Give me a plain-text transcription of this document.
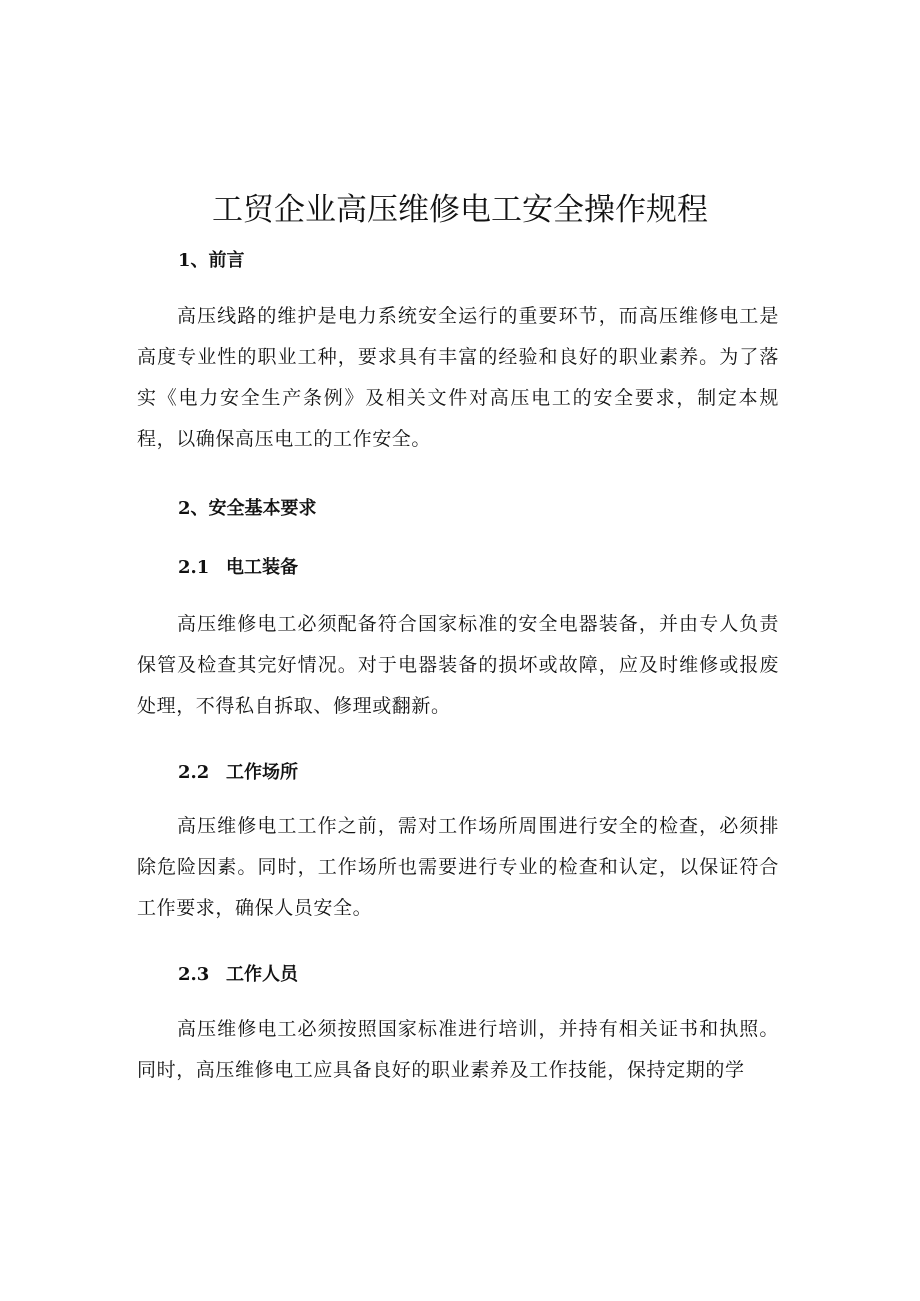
工贸企业高压维修电工安全操作规程
1、前言

高压线路的维护是电力系统安全运行的重要环节，而高压维修电工是高度专业性的职业工种，要求具有丰富的经验和良好的职业素养。为了落实《电力安全生产条例》及相关文件对高压电工的安全要求，制定本规程，以确保高压电工的工作安全。

2、安全基本要求
2.1 电工装备

高压维修电工必须配备符合国家标准的安全电器装备，并由专人负责保管及检查其完好情况。对于电器装备的损坏或故障，应及时维修或报废处理，不得私自拆取、修理或翻新。

2.2 工作场所

高压维修电工工作之前，需对工作场所周围进行安全的检查，必须排除危险因素。同时，工作场所也需要进行专业的检查和认定，以保证符合工作要求，确保人员安全。

2.3 工作人员

高压维修电工必须按照国家标准进行培训，并持有相关证书和执照。同时，高压维修电工应具备良好的职业素养及工作技能，保持定期的学
